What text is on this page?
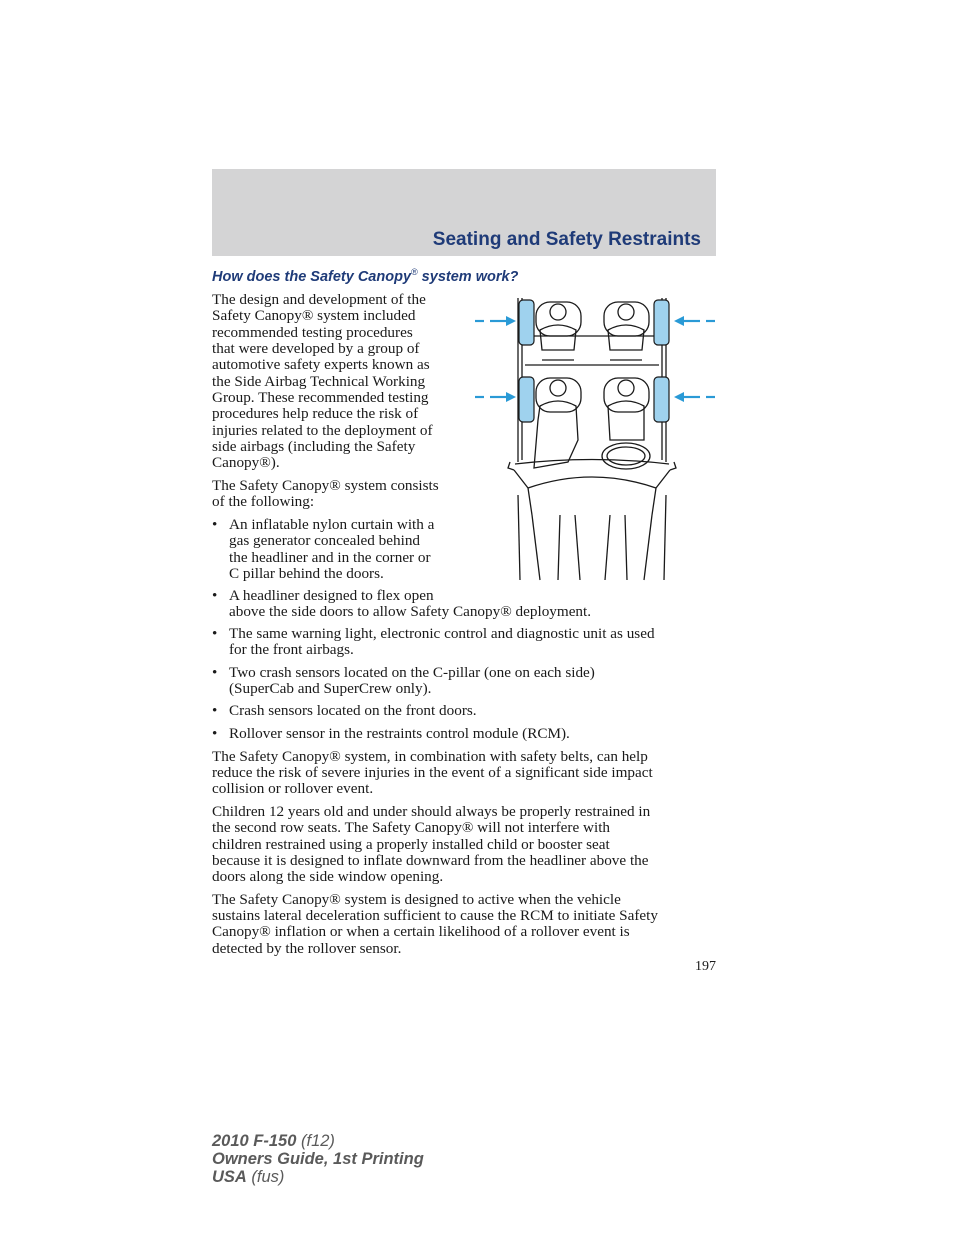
Seating and Safety Restraints
How does the Safety Canopy® system work?

The design and development of the

Safety Canopy® system included

recommended testing procedures

that were developed by a group of

automotive safety experts known as

the Side Airbag Technical Working

Group. These recommended testing

procedures help reduce the risk of

injuries related to the deployment of

side airbags (including the Safety

Canopy®).

The Safety Canopy® system consists

of the following:

• An inflatable nylon curtain with a

gas generator concealed behind

the headliner and in the corner or

C pillar behind the doors.

• A headliner designed to flex open

above the side doors to allow Safety Canopy® deployment.

• The same warning light, electronic control and diagnostic unit as used

for the front airbags.

• Two crash sensors located on the C-pillar (one on each side)

(SuperCab and SuperCrew only).

• Crash sensors located on the front doors.

• Rollover sensor in the restraints control module (RCM).

The Safety Canopy® system, in combination with safety belts, can help

reduce the risk of severe injuries in the event of a significant side impact

collision or rollover event.

Children 12 years old and under should always be properly restrained in

the second row seats. The Safety Canopy® will not interfere with

children restrained using a properly installed child or booster seat

because it is designed to inflate downward from the headliner above the

doors along the side window opening.

The Safety Canopy® system is designed to active when the vehicle

sustains lateral deceleration sufficient to cause the RCM to initiate Safety

Canopy® inflation or when a certain likelihood of a rollover event is

detected by the rollover sensor.

197

2010 F-150 (f12)
Owners Guide, 1st Printing
USA (fus)
